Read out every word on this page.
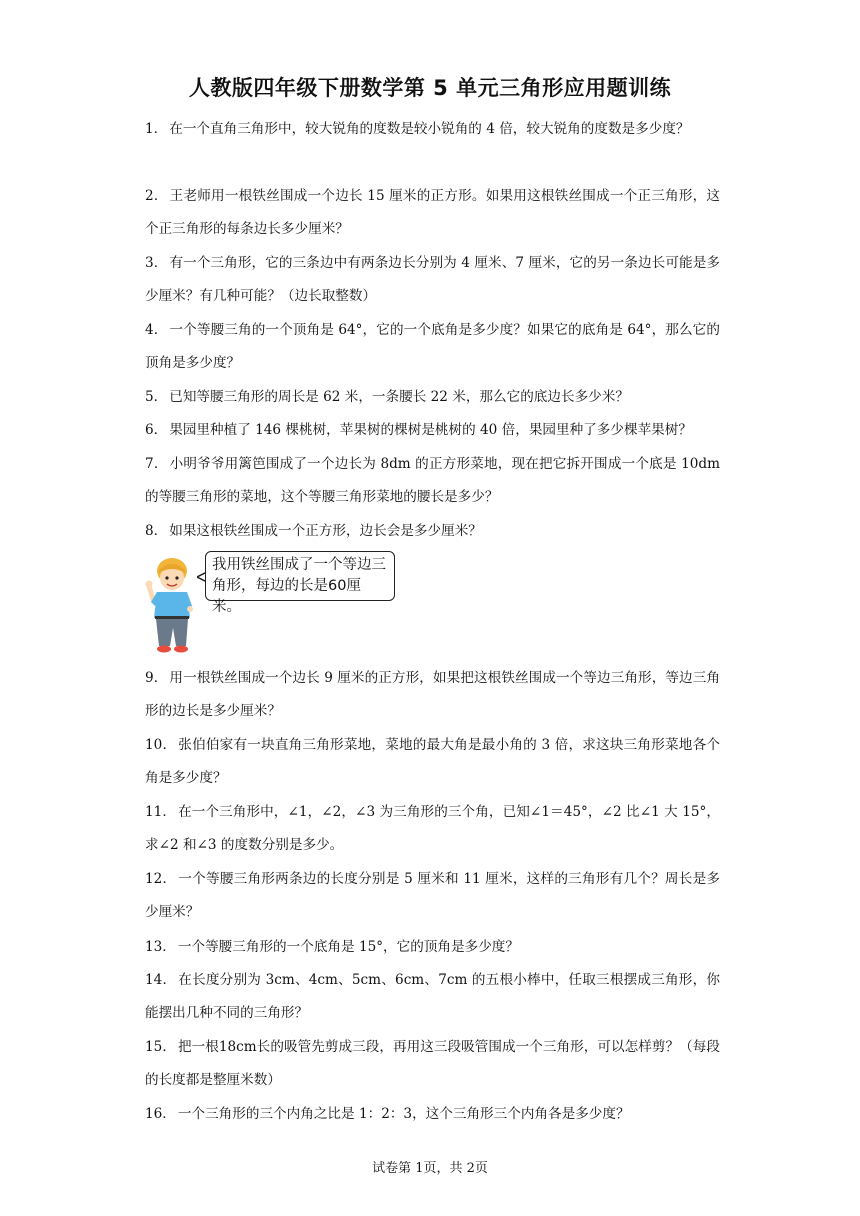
人教版四年级下册数学第 5 单元三角形应用题训练

1． 在一个直角三角形中，较大锐角的度数是较小锐角的 4 倍，较大锐角的度数是多少度？

2． 王老师用一根铁丝围成一个边长 15 厘米的正方形。如果用这根铁丝围成一个正三角形，这个正三角形的每条边长多少厘米？

3． 有一个三角形，它的三条边中有两条边长分别为 4 厘米、7 厘米，它的另一条边长可能是多少厘米？有几种可能？（边长取整数）

4． 一个等腰三角的一个顶角是 64°，它的一个底角是多少度？如果它的底角是 64°，那么它的顶角是多少度？

5． 已知等腰三角形的周长是 62 米，一条腰长 22 米，那么它的底边长多少米？

6． 果园里种植了 146 棵桃树，苹果树的棵树是桃树的 40 倍，果园里种了多少棵苹果树？

7． 小明爷爷用篱笆围成了一个边长为 8dm 的正方形菜地，现在把它拆开围成一个底是 10dm 的等腰三角形的菜地，这个等腰三角形菜地的腰长是多少？

8． 如果这根铁丝围成一个正方形，边长会是多少厘米？

我用铁丝围成了一个等边三
角形，每边的长是60厘米。

9． 用一根铁丝围成一个边长 9 厘米的正方形，如果把这根铁丝围成一个等边三角形，等边三角形的边长是多少厘米？

10． 张伯伯家有一块直角三角形菜地，菜地的最大角是最小角的 3 倍，求这块三角形菜地各个角是多少度？

11． 在一个三角形中，∠1，∠2，∠3 为三角形的三个角，已知∠1＝45°，∠2 比∠1 大 15°，求∠2 和∠3 的度数分别是多少。

12． 一个等腰三角形两条边的长度分别是 5 厘米和 11 厘米，这样的三角形有几个？周长是多少厘米？

13． 一个等腰三角形的一个底角是 15°，它的顶角是多少度？

14． 在长度分别为 3cm、4cm、5cm、6cm、7cm 的五根小棒中，任取三根摆成三角形，你能摆出几种不同的三角形？

15． 把一根18cm长的吸管先剪成三段，再用这三段吸管围成一个三角形，可以怎样剪？（每段的长度都是整厘米数）

16． 一个三角形的三个内角之比是 1：2：3，这个三角形三个内角各是多少度？

试卷第 1页，共 2页
